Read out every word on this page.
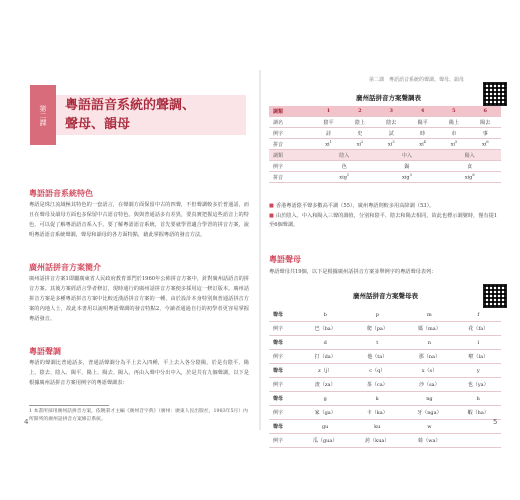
第二課	粵語語音系統的聲調、
聲母、韻母
粵語語音系統特色
粵語是珠江流域極其特色的一套語言，在聲調方面保留中古的四聲，不但聲調較多於普通話，而且在聲母及韻母方面也多保留中古語音特色。與與普通話多有差異，要真實把握這些語音上的特色，可以促了解粵語語音系入手。要了解粵語語音系統，首先要就學習適合學習的拼音方案，說明粵語語音系統聲調，聲母和韻母的各方面特點，藉此掌握粵語的發音方法。
廣州話拼音方案簡介
廣州話拼音方案1即屬廣東省人民政府教育部門於1960年公佈拼音方案中，針對廣州話語音的拼音方案。其後方案經語言學者修訂，現時通行的廣州話拼音方案便多採用這一修訂版本。廣州話拼音方案是多種粵語拼音方案中比較近漢語拼音方案的一種，由於設計本身特別與普通話拼音方案的內地人士，故此本書用以說明粵語聲調的發音特點2，今讀者通過自行的初學者更容易掌握粵語發音。
粵語聲調
粵語的聲調比普通話多，普通話聲調分為平上去入四種，平上去入各分陰陽，於是有陰平、陽上、陰去、陰入、陽平、陽上、陽去、陽入，再由入聲中分出中入，於是共有九個聲調，以下是根據廣州話拼音方案用例字的粵語聲調表：
1 本書所採用廣州話拼音方案，依饒秉才主編《廣州音字典》（廣州：廣東人民出版社，1983年5月）內所開列的廣州話拼音方案修訂系統。
4
第二課　粵語語音系統的聲調、聲母、韻母
廣州話拼音方案聲調表
調類	1	2	3	4	5	6
調名	陰平	陰上	陰去	陽平	陽上	陽去
例字	詩	史	試	時	市	事
拼音	$xi^1$	$xi^2$	$xi^3$	$xi^4$	$xi^5$	$xi^6$
調類	陰入		中入		陽入	
例字	色		錫		食	
拼音	xig$^1$		xig$^3$		xig$^6$

■ 香港粵語陰平聲多數高平調（55），廣州粵語則較多用高降調（53）。

■ 由於陰入、中入和陽入三聲的調值，分別和陰平、陰去和陽去相同，故此也標示調號時，僅有提1至6個聲調。

粵語聲母
粵語聲母共19個，以下是根據廣州話拼音方案並舉例字的粵語聲母表列：
廣州話拼音方案聲母表
聲母	b	p	m	f
例字	巴（ba）	爬（pa）	媽（ma）	花（fa）
聲母	d	t	n	l
例字	打（da）	他（ta）	那（na）	啦（la）
聲母	z（j）	c（q）	x（s）	y
例字	渣（za）	茶（ca）	沙（sa）	也（ya）
聲母	g	k	ng	h
例字	家（ga）	卡（ka）	牙（nga）	蝦（ha）
聲母	gu	ku	w	
例字	瓜（gua）	誇（kua）	蛙（wa）	
5
